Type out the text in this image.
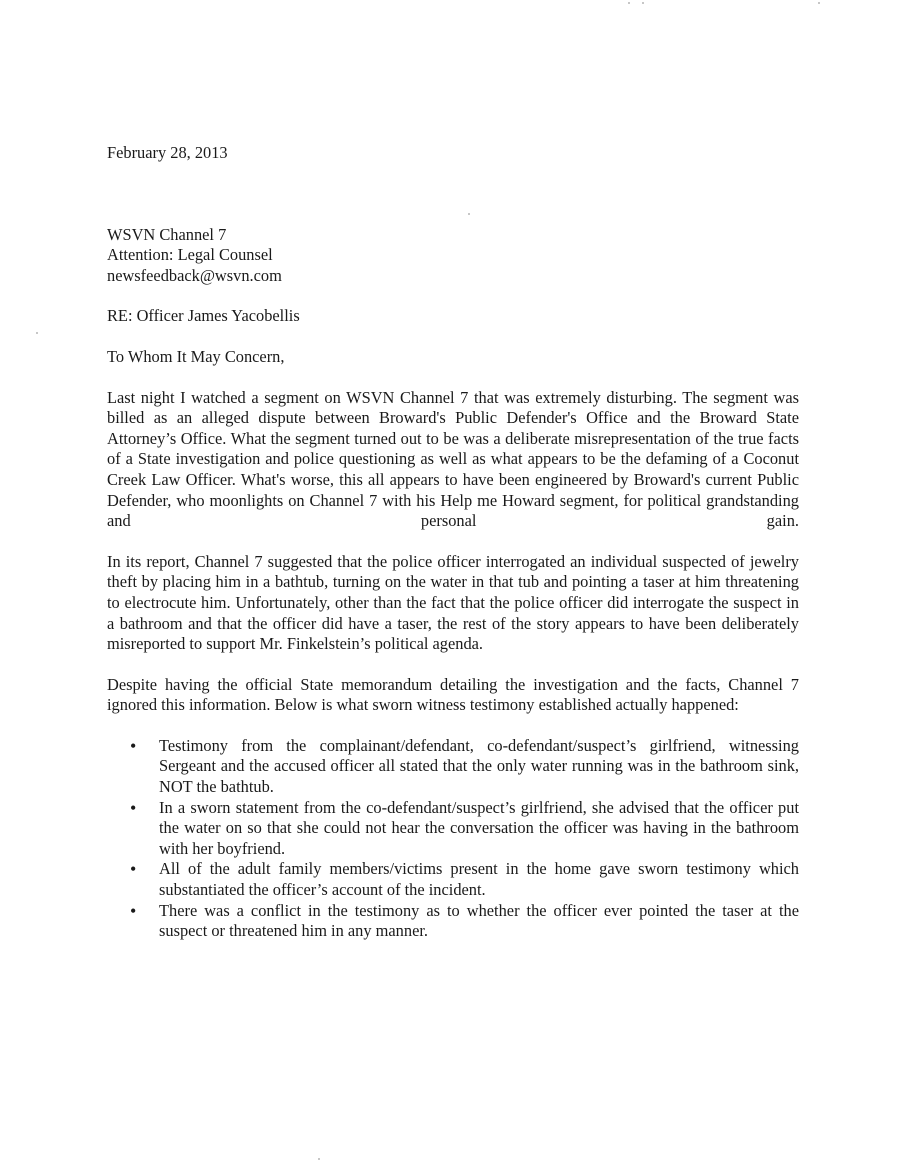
February 28, 2013

WSVN Channel 7

Attention: Legal Counsel

newsfeedback@wsvn.com

RE: Officer James Yacobellis

To Whom It May Concern,

Last night I watched a segment on WSVN Channel 7 that was extremely disturbing. The segment was billed as an alleged dispute between Broward's Public Defender's Office and the Broward State Attorney’s Office. What the segment turned out to be was a deliberate misrepresentation of the true facts of a State investigation and police questioning as well as what appears to be the defaming of a Coconut Creek Law Officer. What's worse, this all appears to have been engineered by Broward's current Public Defender, who moonlights on Channel 7 with his Help me Howard segment, for political grandstanding and personal gain.

In its report, Channel 7 suggested that the police officer interrogated an individual suspected of jewelry theft by placing him in a bathtub, turning on the water in that tub and pointing a taser at him threatening to electrocute him. Unfortunately, other than the fact that the police officer did interrogate the suspect in a bathroom and that the officer did have a taser, the rest of the story appears to have been deliberately misreported to support Mr. Finkelstein’s political agenda.

Despite having the official State memorandum detailing the investigation and the facts, Channel 7 ignored this information. Below is what sworn witness testimony established actually happened:

• Testimony from the complainant/defendant, co-defendant/suspect’s girlfriend, witnessing Sergeant and the accused officer all stated that the only water running was in the bathroom sink, NOT the bathtub.
• In a sworn statement from the co-defendant/suspect’s girlfriend, she advised that the officer put the water on so that she could not hear the conversation the officer was having in the bathroom with her boyfriend.
• All of the adult family members/victims present in the home gave sworn testimony which substantiated the officer’s account of the incident.
• There was a conflict in the testimony as to whether the officer ever pointed the taser at the suspect or threatened him in any manner.
